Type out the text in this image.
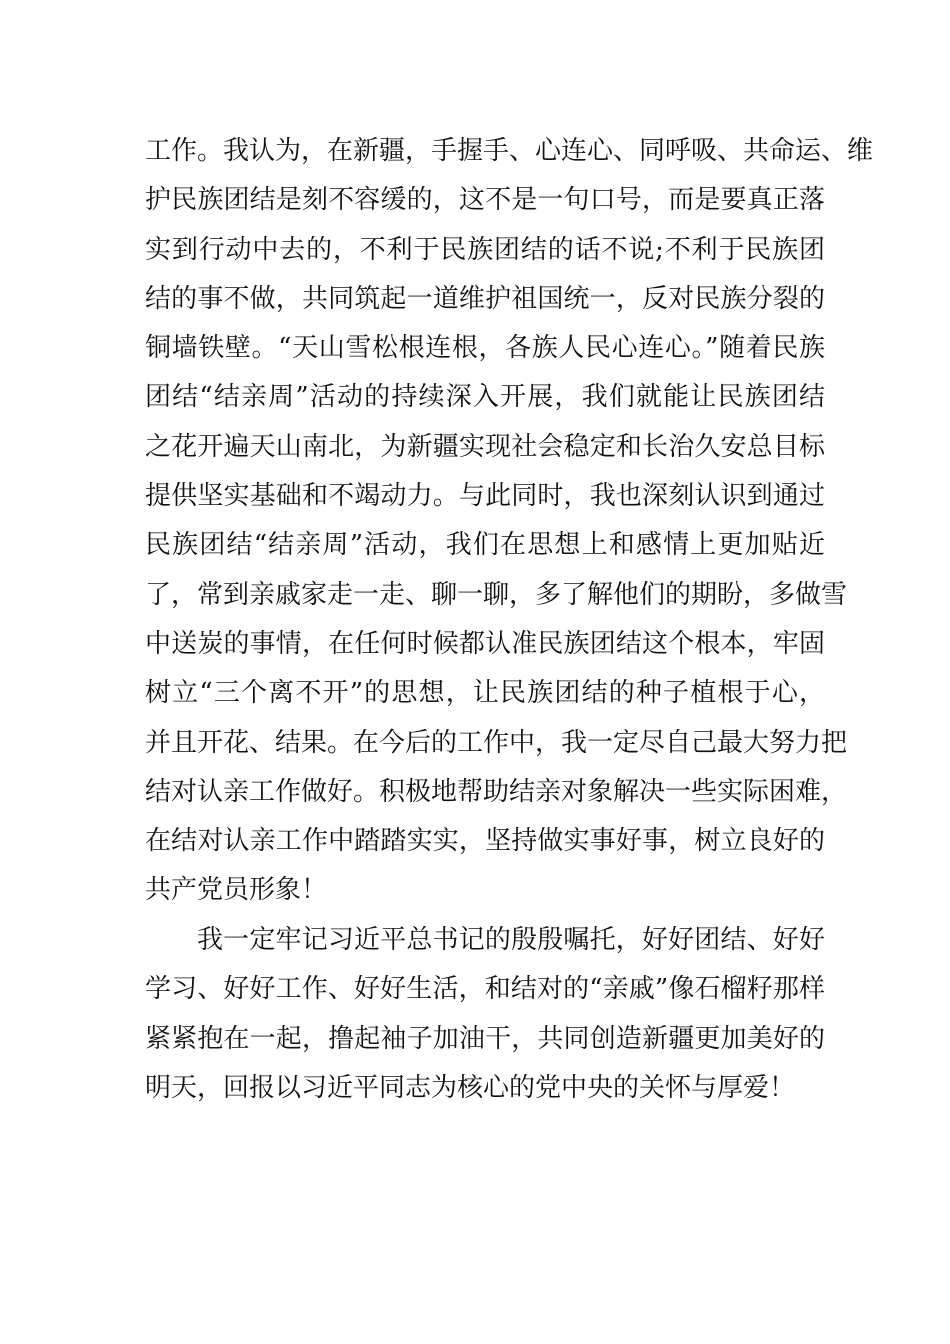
工作。我认为，在新疆，手握手、心连心、同呼吸、共命运、维
护民族团结是刻不容缓的，这不是一句口号，而是要真正落
实到行动中去的，不利于民族团结的话不说;不利于民族团
结的事不做，共同筑起一道维护祖国统一，反对民族分裂的
铜墙铁壁。“天山雪松根连根，各族人民心连心。”随着民族
团结“结亲周”活动的持续深入开展，我们就能让民族团结
之花开遍天山南北，为新疆实现社会稳定和长治久安总目标
提供坚实基础和不竭动力。与此同时，我也深刻认识到通过
民族团结“结亲周”活动，我们在思想上和感情上更加贴近
了，常到亲戚家走一走、聊一聊，多了解他们的期盼，多做雪
中送炭的事情，在任何时候都认准民族团结这个根本，牢固
树立“三个离不开”的思想，让民族团结的种子植根于心，
并且开花、结果。在今后的工作中，我一定尽自己最大努力把
结对认亲工作做好。积极地帮助结亲对象解决一些实际困难，
在结对认亲工作中踏踏实实，坚持做实事好事，树立良好的
共产党员形象！
我一定牢记习近平总书记的殷殷嘱托，好好团结、好好
学习、好好工作、好好生活，和结对的“亲戚”像石榴籽那样
紧紧抱在一起，撸起袖子加油干，共同创造新疆更加美好的
明天，回报以习近平同志为核心的党中央的关怀与厚爱！
